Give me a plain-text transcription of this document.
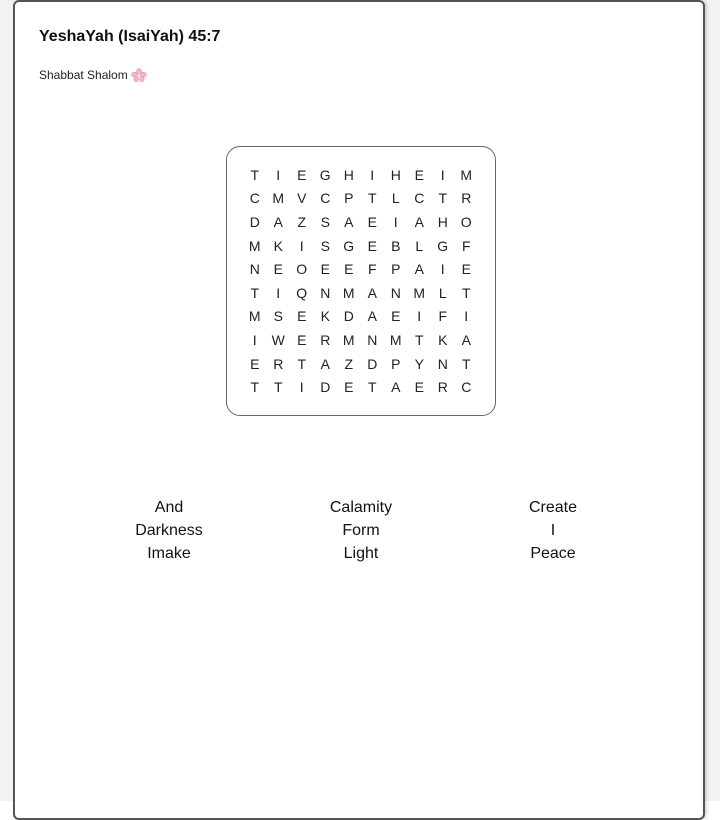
YeshaYah (IsaiYah) 45:7
Shabbat Shalom
T	I	E G H	I	H E	I	M
C M V C P	T	L	C	T	R
D A	Z	S	A	E	I	A H O
M K	I	S G E	B	L	G F
N E O E	E	F	P	A	I	E
T	I	Q N M A N M L	T
M S	E	K D A	E	I	F	I
I	W E R M N M T	K	A
E R	T	A	Z	D P	Y N	T
T	T	I	D E	T	A	E R C
And	Calamity	Create
Darkness	Form	I
Imake	Light	Peace
